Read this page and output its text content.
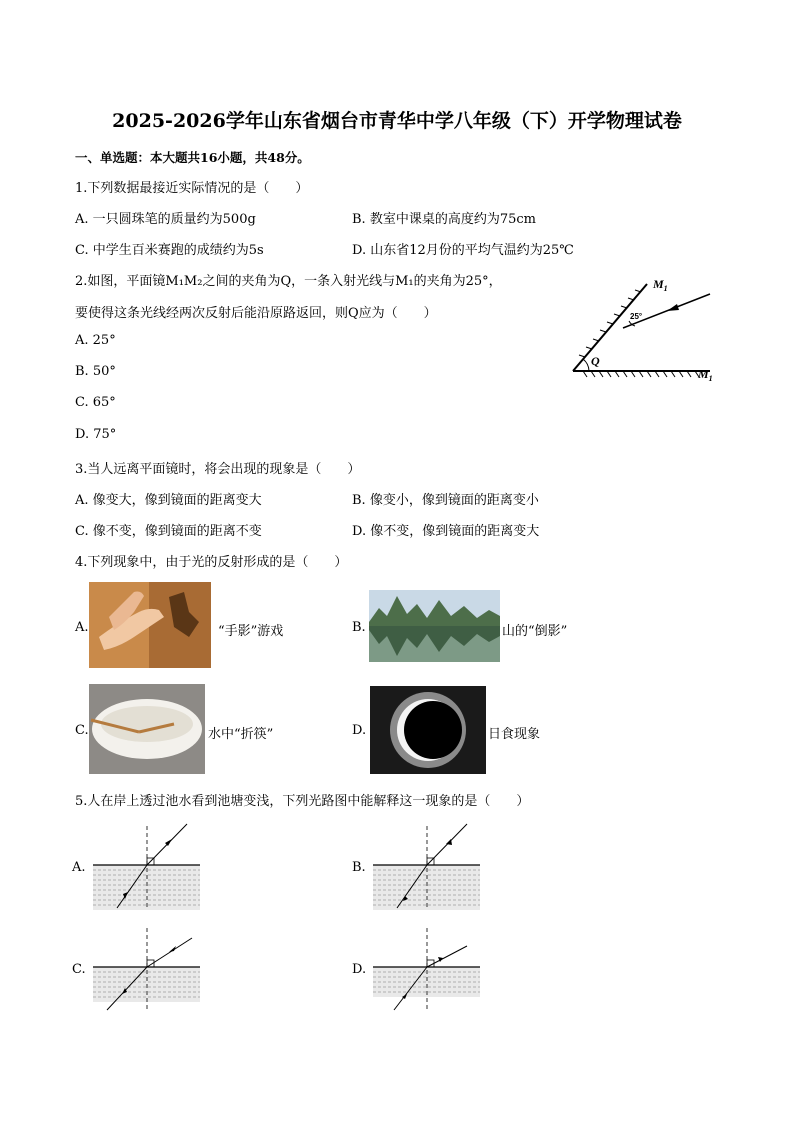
2025-2026学年山东省烟台市青华中学八年级（下）开学物理试卷
一、单选题：本大题共16小题，共48分。
1.下列数据最接近实际情况的是（　　）
A. 一只圆珠笔的质量约为500g	B. 教室中课桌的高度约为75cm
C. 中学生百米赛跑的成绩约为5s	D. 山东省12月份的平均气温约为25℃
2.如图，平面镜M₁M₂之间的夹角为Q，一条入射光线与M₁的夹角为25°，
要使得这条光线经两次反射后能沿原路返回，则Q应为（　　）
A. 25°
B. 50°
C. 65°
D. 75°
25°
Q
$M_1$
$M_1$
3.当人远离平面镜时，将会出现的现象是（　　）
A. 像变大，像到镜面的距离变大	B. 像变小，像到镜面的距离变小
C. 像不变，像到镜面的距离不变	D. 像不变，像到镜面的距离变大
4.下列现象中，由于光的反射形成的是（　　）
A.	“手影”游戏	B.	山的“倒影”
C.	水中“折筷”	D.	日食现象
5.人在岸上透过池水看到池塘变浅，下列光路图中能解释这一现象的是（　　）
A.	B.
C.	D.
